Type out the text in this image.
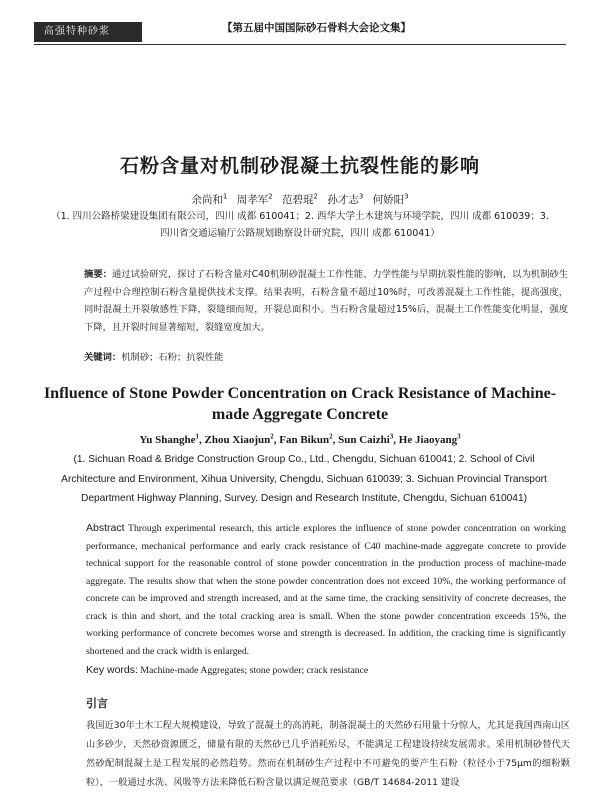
高强特种砂浆	【第五届中国国际砂石骨料大会论文集】
石粉含量对机制砂混凝土抗裂性能的影响
余尚和$^1$ 周孝军$^2$ 范碧琨$^2$ 孙才志$^3$ 何娇阳$^3$
（1. 四川公路桥梁建设集团有限公司，四川 成都 610041；2. 西华大学土木建筑与环境学院，四川 成都 610039；3. 四川省交通运输厅公路规划勘察设计研究院，四川 成都 610041）
摘要：通过试验研究，探讨了石粉含量对C40机制砂混凝土工作性能、力学性能与早期抗裂性能的影响，以为机制砂生产过程中合理控制石粉含量提供技术支撑。结果表明，石粉含量不超过10%时，可改善混凝土工作性能，提高强度，同时混凝土开裂敏感性下降，裂缝细而短，开裂总面积小。当石粉含量超过15%后，混凝土工作性能变化明显，强度下降，且开裂时间显著缩短，裂缝宽度加大。
关键词：机制砂；石粉；抗裂性能
Influence of Stone Powder Concentration on Crack Resistance of Machine-made Aggregate Concrete
Yu Shanghe$^1$, Zhou Xiaojun$^2$, Fan Bikun$^2$, Sun Caizhi$^3$, He Jiaoyang$^3$
(1. Sichuan Road & Bridge Construction Group Co., Ltd., Chengdu, Sichuan 610041; 2. School of Civil Architecture and Environment, Xihua University, Chengdu, Sichuan 610039; 3. Sichuan Provincial Transport Department Highway Planning, Survey. Design and Research Institute, Chengdu, Sichuan 610041)
Abstract Through experimental research, this article explores the influence of stone powder concentration on working performance, mechanical performance and early crack resistance of C40 machine-made aggregate concrete to provide technical support for the reasonable control of stone powder concentration in the production process of machine-made aggregate. The results show that when the stone powder concentration does not exceed 10%, the working performance of concrete can be improved and strength increased, and at the same time, the cracking sensitivity of concrete decreases, the crack is thin and short, and the total cracking area is small. When the stone powder concentration exceeds 15%, the working performance of concrete becomes worse and strength is decreased. In addition, the cracking time is significantly shortened and the crack width is enlarged.
Key words: Machine-made Aggregates; stone powder; crack resistance
引言
我国近30年土木工程大规模建设，导致了混凝土的高消耗，制备混凝土的天然砂石用量十分惊人，尤其是我国西南山区山多砂少，天然砂资源匮乏，储量有限的天然砂已几乎消耗殆尽，不能满足工程建设持续发展需求。采用机制砂替代天然砂配制混凝土是工程发展的必然趋势。然而在机制砂生产过程中不可避免的要产生石粉（粒径小于75μm的细粉颗粒），一般通过水洗、风吸等方法来降低石粉含量以满足规范要求（GB/T 14684-2011 建设
